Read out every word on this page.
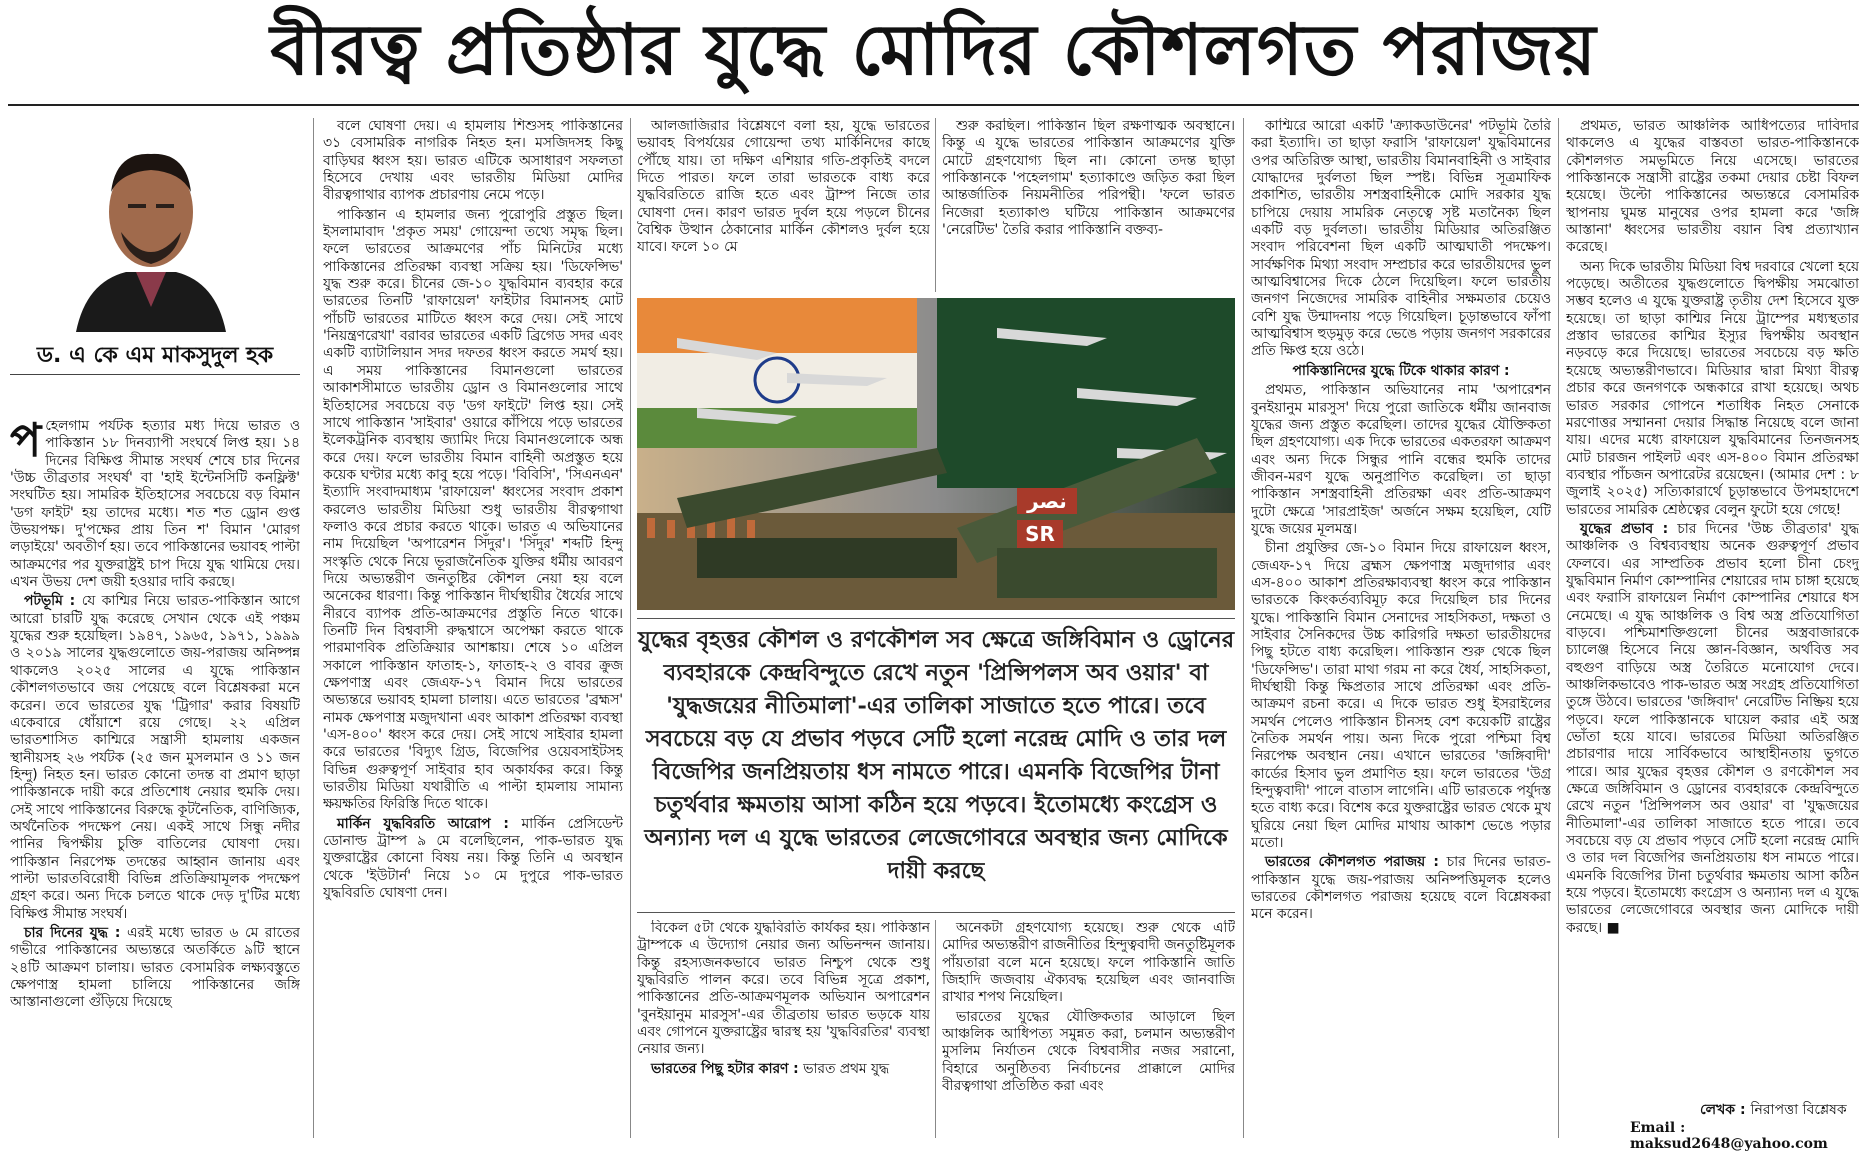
বীরত্ব প্রতিষ্ঠার যুদ্ধে মোদির কৌশলগত পরাজয়
ড. এ কে এম মাকসুদুল হক

পহেলগাম পর্যটক হত্যার মধ্য দিয়ে ভারত ও পাকিস্তান ১৮ দিনব্যাপী সংঘর্ষে লিপ্ত হয়। ১৪ দিনের বিক্ষিপ্ত সীমান্ত সংঘর্ষ শেষে চার দিনের 'উচ্চ তীব্রতার সংঘর্ষ' বা 'হাই ইন্টেনসিটি কনফ্লিক্ট' সংঘটিত হয়। সামরিক ইতিহাসের সবচেয়ে বড় বিমান 'ডগ ফাইট' হয় তাদের মধ্যে। শত শত ড্রোন গুপ্ত উভয়পক্ষ। দু'পক্ষের প্রায় তিন শ' বিমান 'মোরগ লড়াইয়ে' অবতীর্ণ হয়। তবে পাকিস্তানের ভয়াবহ পাল্টা আক্রমণের পর যুক্তরাষ্ট্রই চাপ দিয়ে যুদ্ধ থামিয়ে দেয়। এখন উভয় দেশ জয়ী হওয়ার দাবি করছে।

পটভূমি : যে কাশ্মির নিয়ে ভারত-পাকিস্তান আগে আরো চারটি যুদ্ধ করেছে সেখান থেকে এই পঞ্চম যুদ্ধের শুরু হয়েছিল। ১৯৪৭, ১৯৬৫, ১৯৭১, ১৯৯৯ ও ২০১৯ সালের যুদ্ধগুলোতে জয়-পরাজয় অনিষ্পন্ন থাকলেও ২০২৫ সালের এ যুদ্ধে পাকিস্তান কৌশলগতভাবে জয় পেয়েছে বলে বিশ্লেষকরা মনে করেন। তবে ভারতের যুদ্ধ 'ট্রিগার' করার বিষয়টি একেবারে ধোঁয়াশে রয়ে গেছে। ২২ এপ্রিল ভারতশাসিত কাশ্মিরে সন্ত্রাসী হামলায় একজন স্থানীয়সহ ২৬ পর্যটক (২৫ জন মুসলমান ও ১১ জন হিন্দু) নিহত হন। ভারত কোনো তদন্ত বা প্রমাণ ছাড়া পাকিস্তানকে দায়ী করে প্রতিশোধ নেয়ার হুমকি দেয়। সেই সাথে পাকিস্তানের বিরুদ্ধে কূটনৈতিক, বাণিজ্যিক, অর্থনৈতিক পদক্ষেপ নেয়। একই সাথে সিন্ধু নদীর পানির দ্বিপক্ষীয় চুক্তি বাতিলের ঘোষণা দেয়। পাকিস্তান নিরপেক্ষ তদন্তের আহ্বান জানায় এবং পাল্টা ভারতবিরোধী বিভিন্ন প্রতিক্রিয়ামূলক পদক্ষেপ গ্রহণ করে। অন্য দিকে চলতে থাকে দেড় দু'টির মধ্যে বিক্ষিপ্ত সীমান্ত সংঘর্ষ।

চার দিনের যুদ্ধ : এরই মধ্যে ভারত ৬ মে রাতের গভীরে পাকিস্তানের অভ্যন্তরে অতর্কিতে ৯টি স্থানে ২৪টি আক্রমণ চালায়। ভারত বেসামরিক লক্ষ্যবস্তুতে ক্ষেপণাস্ত্র হামলা চালিয়ে পাকিস্তানের জঙ্গি আস্তানাগুলো গুঁড়িয়ে দিয়েছে

বলে ঘোষণা দেয়। এ হামলায় শিশুসহ পাকিস্তানের ৩১ বেসামরিক নাগরিক নিহত হন। মসজিদসহ কিছু বাড়িঘর ধ্বংস হয়। ভারত এটিকে অসাধারণ সফলতা হিসেবে দেখায় এবং ভারতীয় মিডিয়া মোদির বীরত্বগাথার ব্যাপক প্রচারণায় নেমে পড়ে।

পাকিস্তান এ হামলার জন্য পুরোপুরি প্রস্তুত ছিল। ইসলামাবাদ 'প্রকৃত সময়' গোয়েন্দা তথ্যে সমৃদ্ধ ছিল। ফলে ভারতের আক্রমণের পাঁচ মিনিটের মধ্যে পাকিস্তানের প্রতিরক্ষা ব্যবস্থা সক্রিয় হয়। 'ডিফেন্সিভ' যুদ্ধ শুরু করে। চীনের জে-১০ যুদ্ধবিমান ব্যবহার করে ভারতের তিনটি 'রাফায়েল' ফাইটার বিমানসহ মোট পাঁচটি ভারতের মাটিতে ধ্বংস করে দেয়। সেই সাথে 'নিয়ন্ত্রণরেখা' বরাবর ভারতের একটি ব্রিগেড সদর এবং একটি ব্যাটালিয়ান সদর দফতর ধ্বংস করতে সমর্থ হয়। এ সময় পাকিস্তানের বিমানগুলো ভারতের আকাশসীমাতে ভারতীয় ড্রোন ও বিমানগুলোর সাথে ইতিহাসের সবচেয়ে বড় 'ডগ ফাইটে' লিপ্ত হয়। সেই সাথে পাকিস্তান 'সাইবার' ওয়ারে কাঁপিয়ে পড়ে ভারতের ইলেকট্রনিক ব্যবস্থায় জ্যামিং দিয়ে বিমানগুলোকে অন্ধ করে দেয়। ফলে ভারতীয় বিমান বাহিনী অপ্রস্তুত হয়ে কয়েক ঘণ্টার মধ্যে কাবু হয়ে পড়ে। 'বিবিসি', 'সিএনএন' ইত্যাদি সংবাদমাধ্যম 'রাফায়েল' ধ্বংসের সংবাদ প্রকাশ করলেও ভারতীয় মিডিয়া শুধু ভারতীয় বীরত্বগাথা ফলাও করে প্রচার করতে থাকে। ভারত এ অভিযানের নাম দিয়েছিল 'অপারেশন সিঁদুর'। 'সিঁদুর' শব্দটি হিন্দু সংস্কৃতি থেকে নিয়ে ভূরাজনৈতিক যুক্তির ধর্মীয় আবরণ দিয়ে অভ্যন্তরীণ জনতুষ্টির কৌশল নেয়া হয় বলে অনেকের ধারণা। কিন্তু পাকিস্তান দীর্ঘস্থায়ীর ধৈর্যের সাথে নীরবে ব্যাপক প্রতি-আক্রমণের প্রস্তুতি নিতে থাকে। তিনটি দিন বিশ্ববাসী রুদ্ধশ্বাসে অপেক্ষা করতে থাকে পারমাণবিক প্রতিক্রিয়ার আশঙ্কায়। শেষে ১০ এপ্রিল সকালে পাকিস্তান ফাতাহ-১, ফাতাহ-২ ও বাবর ক্রুজ ক্ষেপণাস্ত্র এবং জেএফ-১৭ বিমান দিয়ে ভারতের অভ্যন্তরে ভয়াবহ হামলা চালায়। এতে ভারতের 'ব্রহ্মস' নামক ক্ষেপণাস্ত্র মজুদখানা এবং আকাশ প্রতিরক্ষা ব্যবস্থা 'এস-৪০০' ধ্বংস করে দেয়। সেই সাথে সাইবার হামলা করে ভারতের 'বিদ্যুৎ গ্রিড, বিজেপির ওয়েবসাইটসহ বিভিন্ন গুরুত্বপূর্ণ সাইবার হাব অকার্যকর করে। কিন্তু ভারতীয় মিডিয়া যথারীতি এ পাল্টা হামলায় সামান্য ক্ষয়ক্ষতির ফিরিস্তি দিতে থাকে।

মার্কিন যুদ্ধবিরতি আরোপ : মার্কিন প্রেসিডেন্ট ডোনাল্ড ট্রাম্প ৯ মে বলেছিলেন, পাক-ভারত যুদ্ধ যুক্তরাষ্ট্রের কোনো বিষয় নয়। কিন্তু তিনি এ অবস্থান থেকে 'ইউটার্ন' নিয়ে ১০ মে দুপুরে পাক-ভারত যুদ্ধবিরতি ঘোষণা দেন।

আলজাজিরার বিশ্লেষণে বলা হয়, যুদ্ধে ভারতের ভয়াবহ বিপর্যয়ের গোয়েন্দা তথ্য মার্কিনিদের কাছে পৌঁছে যায়। তা দক্ষিণ এশিয়ার গতি-প্রকৃতিই বদলে দিতে পারত। ফলে তারা ভারতকে বাধ্য করে যুদ্ধবিরতিতে রাজি হতে এবং ট্রাম্প নিজে তার ঘোষণা দেন। কারণ ভারত দুর্বল হয়ে পড়লে চীনের বৈশ্বিক উত্থান ঠেকানোর মার্কিন কৌশলও দুর্বল হয়ে যাবে। ফলে ১০ মে

শুরু করছিল। পাকিস্তান ছিল রক্ষণাত্মক অবস্থানে। কিন্তু এ যুদ্ধে ভারতের পাকিস্তান আক্রমণের যুক্তি মোটে গ্রহণযোগ্য ছিল না। কোনো তদন্ত ছাড়া পাকিস্তানকে 'পহেলগাম' হত্যাকাণ্ডে জড়িত করা ছিল আন্তর্জাতিক নিয়মনীতির পরিপন্থী। 'ফলে ভারত নিজেরা হত্যাকাণ্ড ঘটিয়ে পাকিস্তান আক্রমণের 'নেরেটিভ' তৈরি করার পাকিস্তানি বক্তব্য-

نصر
SR
যুদ্ধের বৃহত্তর কৌশল ও রণকৌশল সব ক্ষেত্রে জঙ্গিবিমান ও ড্রোনের ব্যবহারকে কেন্দ্রবিন্দুতে রেখে নতুন 'প্রিন্সিপলস অব ওয়ার' বা 'যুদ্ধজয়ের নীতিমালা'-এর তালিকা সাজাতে হতে পারে। তবে সবচেয়ে বড় যে প্রভাব পড়বে সেটি হলো নরেন্দ্র মোদি ও তার দল বিজেপির জনপ্রিয়তায় ধস নামতে পারে। এমনকি বিজেপির টানা চতুর্থবার ক্ষমতায় আসা কঠিন হয়ে পড়বে। ইতোমধ্যে কংগ্রেস ও অন্যান্য দল এ যুদ্ধে ভারতের লেজেগোবরে অবস্থার জন্য মোদিকে দায়ী করছে

বিকেল ৫টা থেকে যুদ্ধবিরতি কার্যকর হয়। পাকিস্তান ট্রাম্পকে এ উদ্যোগ নেয়ার জন্য অভিনন্দন জানায়। কিন্তু রহস্যজনকভাবে ভারত নিশ্চুপ থেকে শুধু যুদ্ধবিরতি পালন করে। তবে বিভিন্ন সূত্রে প্রকাশ, পাকিস্তানের প্রতি-আক্রমণমূলক অভিযান অপারেশন 'বুনইয়ানুম মারসুস'-এর তীব্রতায় ভারত ভড়কে যায় এবং গোপনে যুক্তরাষ্ট্রের দ্বারস্থ হয় 'যুদ্ধবিরতির' ব্যবস্থা নেয়ার জন্য।

ভারতের পিছু হটার কারণ : ভারত প্রথম যুদ্ধ

অনেকটা গ্রহণযোগ্য হয়েছে। শুরু থেকে এটি মোদির অভ্যন্তরীণ রাজনীতির হিন্দুত্ববাদী জনতুষ্টিমূলক পাঁয়তারা বলে মনে হয়েছে। ফলে পাকিস্তানি জাতি জিহাদি জজবায় ঐক্যবদ্ধ হয়েছিল এবং জানবাজি রাখার শপথ নিয়েছিল।

ভারতের যুদ্ধের যৌক্তিকতার আড়ালে ছিল আঞ্চলিক আধিপত্য সমুন্নত করা, চলমান অভ্যন্তরীণ মুসলিম নির্যাতন থেকে বিশ্ববাসীর নজর সরানো, বিহারে অনুষ্ঠিতব্য নির্বাচনের প্রাক্কালে মোদির বীরত্বগাথা প্রতিষ্ঠিত করা এবং

কাশ্মিরে আরো একটি 'ক্র্যাকডাউনের' পটভূমি তৈরি করা ইত্যাদি। তা ছাড়া ফরাসি 'রাফায়েল' যুদ্ধবিমানের ওপর অতিরিক্ত আস্থা, ভারতীয় বিমানবাহিনী ও সাইবার যোদ্ধাদের দুর্বলতা ছিল স্পষ্ট। বিভিন্ন সূত্রমাফিক প্রকাশিত, ভারতীয় সশস্ত্রবাহিনীকে মোদি সরকার যুদ্ধ চাপিয়ে দেয়ায় সামরিক নেতৃত্বে সৃষ্ট মতানৈক্য ছিল একটি বড় দুর্বলতা। ভারতীয় মিডিয়ার অতিরঞ্জিত সংবাদ পরিবেশনা ছিল একটি আত্মঘাতী পদক্ষেপ। সার্বক্ষণিক মিথ্যা সংবাদ সম্প্রচার করে ভারতীয়দের ভুল আত্মবিশ্বাসের দিকে ঠেলে দিয়েছিল। ফলে ভারতীয় জনগণ নিজেদের সামরিক বাহিনীর সক্ষমতার চেয়েও বেশি যুদ্ধ উন্মাদনায় পড়ে গিয়েছিল। চূড়ান্তভাবে ফাঁপা আত্মবিশ্বাস হুড়মুড় করে ভেঙে পড়ায় জনগণ সরকারের প্রতি ক্ষিপ্ত হয়ে ওঠে।

পাকিস্তানিদের যুদ্ধে টিকে থাকার কারণ :

প্রথমত, পাকিস্তান অভিযানের নাম 'অপারেশন বুনইয়ানুম মারসুস' দিয়ে পুরো জাতিকে ধর্মীয় জানবাজ যুদ্ধের জন্য প্রস্তুত করেছিল। তাদের যুদ্ধের যৌক্তিকতা ছিল গ্রহণযোগ্য। এক দিকে ভারতের একতরফা আক্রমণ এবং অন্য দিকে সিন্ধুর পানি বন্ধের হুমকি তাদের জীবন-মরণ যুদ্ধে অনুপ্রাণিত করেছিল। তা ছাড়া পাকিস্তান সশস্ত্রবাহিনী প্রতিরক্ষা এবং প্রতি-আক্রমণ দুটো ক্ষেত্রে 'সারপ্রাইজ' অর্জনে সক্ষম হয়েছিল, যেটি যুদ্ধে জয়ের মূলমন্ত্র।

চীনা প্রযুক্তির জে-১০ বিমান দিয়ে রাফায়েল ধ্বংস, জেএফ-১৭ দিয়ে ব্রহ্মস ক্ষেপণাস্ত্র মজুদাগার এবং এস-৪০০ আকাশ প্রতিরক্ষাব্যবস্থা ধ্বংস করে পাকিস্তান ভারতকে কিংকর্তব্যবিমূঢ় করে দিয়েছিল চার দিনের যুদ্ধে। পাকিস্তানি বিমান সেনাদের সাহসিকতা, দক্ষতা ও সাইবার সৈনিকদের উচ্চ কারিগরি দক্ষতা ভারতীয়দের পিছু হটতে বাধ্য করেছিল। পাকিস্তান শুরু থেকে ছিল 'ডিফেন্সিভ'। তারা মাথা গরম না করে ধৈর্য, সাহসিকতা, দীর্ঘস্থায়ী কিন্তু ক্ষিপ্রতার সাথে প্রতিরক্ষা এবং প্রতি-আক্রমণ রচনা করে। এ দিকে ভারত শুধু ইসরাইলের সমর্থন পেলেও পাকিস্তান চীনসহ বেশ কয়েকটি রাষ্ট্রের নৈতিক সমর্থন পায়। অন্য দিকে পুরো পশ্চিমা বিশ্ব নিরপেক্ষ অবস্থান নেয়। এখানে ভারতের 'জঙ্গিবাদী' কার্ডের হিসাব ভুল প্রমাণিত হয়। ফলে ভারতের 'উগ্র হিন্দুত্ববাদী' পালে বাতাস লাগেনি। এটি ভারতকে পর্যুদস্ত হতে বাধ্য করে। বিশেষ করে যুক্তরাষ্ট্রের ভারত থেকে মুখ ঘুরিয়ে নেয়া ছিল মোদির মাথায় আকাশ ভেঙে পড়ার মতো।

ভারতের কৌশলগত পরাজয় : চার দিনের ভারত-পাকিস্তান যুদ্ধে জয়-পরাজয় অনিষ্পত্তিমূলক হলেও ভারতের কৌশলগত পরাজয় হয়েছে বলে বিশ্লেষকরা মনে করেন।

প্রথমত, ভারত আঞ্চলিক আধিপত্যের দাবিদার থাকলেও এ যুদ্ধের বাস্তবতা ভারত-পাকিস্তানকে কৌশলগত সমভূমিতে নিয়ে এসেছে। ভারতের পাকিস্তানকে সন্ত্রাসী রাষ্ট্রের তকমা দেয়ার চেষ্টা বিফল হয়েছে। উল্টো পাকিস্তানের অভ্যন্তরে বেসামরিক স্থাপনায় ঘুমন্ত মানুষের ওপর হামলা করে 'জঙ্গি আস্তানা' ধ্বংসের ভারতীয় বয়ান বিশ্ব প্রত্যাখ্যান করেছে।

অন্য দিকে ভারতীয় মিডিয়া বিশ্ব দরবারে খেলো হয়ে পড়েছে। অতীতের যুদ্ধগুলোতে দ্বিপক্ষীয় সমঝোতা সম্ভব হলেও এ যুদ্ধে যুক্তরাষ্ট্র তৃতীয় দেশ হিসেবে যুক্ত হয়েছে। তা ছাড়া কাশ্মির নিয়ে ট্রাম্পের মধ্যস্থতার প্রস্তাব ভারতের কাশ্মির ইস্যুর দ্বিপক্ষীয় অবস্থান নড়বড়ে করে দিয়েছে। ভারতের সবচেয়ে বড় ক্ষতি হয়েছে অভ্যন্তরীণভাবে। মিডিয়ার দ্বারা মিথ্যা বীরত্ব প্রচার করে জনগণকে অন্ধকারে রাখা হয়েছে। অথচ ভারত সরকার গোপনে শতাধিক নিহত সেনাকে মরণোত্তর সম্মাননা দেয়ার সিদ্ধান্ত নিয়েছে বলে জানা যায়। এদের মধ্যে রাফায়েল যুদ্ধবিমানের তিনজনসহ মোট চারজন পাইলট এবং এস-৪০০ বিমান প্রতিরক্ষা ব্যবস্থার পাঁচজন অপারেটর রয়েছেন। (আমার দেশ : ৮ জুলাই ২০২৫) সত্যিকারার্থে চূড়ান্তভাবে উপমহাদেশে ভারতের সামরিক শ্রেষ্ঠত্বের বেলুন ফুটো হয়ে গেছে!

যুদ্ধের প্রভাব : চার দিনের 'উচ্চ তীব্রতার' যুদ্ধ আঞ্চলিক ও বিশ্বব্যবস্থায় অনেক গুরুত্বপূর্ণ প্রভাব ফেলবে। এর সাম্প্রতিক প্রভাব হলো চীনা চেংদু যুদ্ধবিমান নির্মাণ কোম্পানির শেয়ারের দাম চাঙ্গা হয়েছে এবং ফরাসি রাফায়েল নির্মাণ কোম্পানির শেয়ারে ধস নেমেছে। এ যুদ্ধ আঞ্চলিক ও বিশ্ব অস্ত্র প্রতিযোগিতা বাড়বে। পশ্চিমাশক্তিগুলো চীনের অস্ত্রবাজারকে চ্যালেঞ্জ হিসেবে নিয়ে জ্ঞান-বিজ্ঞান, অর্থবিত্ত সব বহুগুণ বাড়িয়ে অস্ত্র তৈরিতে মনোযোগ দেবে। আঞ্চলিকভাবেও পাক-ভারত অস্ত্র সংগ্রহ প্রতিযোগিতা তুঙ্গে উঠবে। ভারতের 'জঙ্গিবাদ' নেরেটিভ নিষ্ক্রিয় হয়ে পড়বে। ফলে পাকিস্তানকে ঘায়েল করার এই অস্ত্র ভোঁতা হয়ে যাবে। ভারতের মিডিয়া অতিরঞ্জিত প্রচারণার দায়ে সার্বিকভাবে আস্থাহীনতায় ভুগতে পারে। আর যুদ্ধের বৃহত্তর কৌশল ও রণকৌশল সব ক্ষেত্রে জঙ্গিবিমান ও ড্রোনের ব্যবহারকে কেন্দ্রবিন্দুতে রেখে নতুন 'প্রিন্সিপলস অব ওয়ার' বা 'যুদ্ধজয়ের নীতিমালা'-এর তালিকা সাজাতে হতে পারে। তবে সবচেয়ে বড় যে প্রভাব পড়বে সেটি হলো নরেন্দ্র মোদি ও তার দল বিজেপির জনপ্রিয়তায় ধস নামতে পারে। এমনকি বিজেপির টানা চতুর্থবার ক্ষমতায় আসা কঠিন হয়ে পড়বে। ইতোমধ্যে কংগ্রেস ও অন্যান্য দল এ যুদ্ধে ভারতের লেজেগোবরে অবস্থার জন্য মোদিকে দায়ী করছে। ■

লেখক : নিরাপত্তা বিশ্লেষক
Email : maksud2648@yahoo.com
